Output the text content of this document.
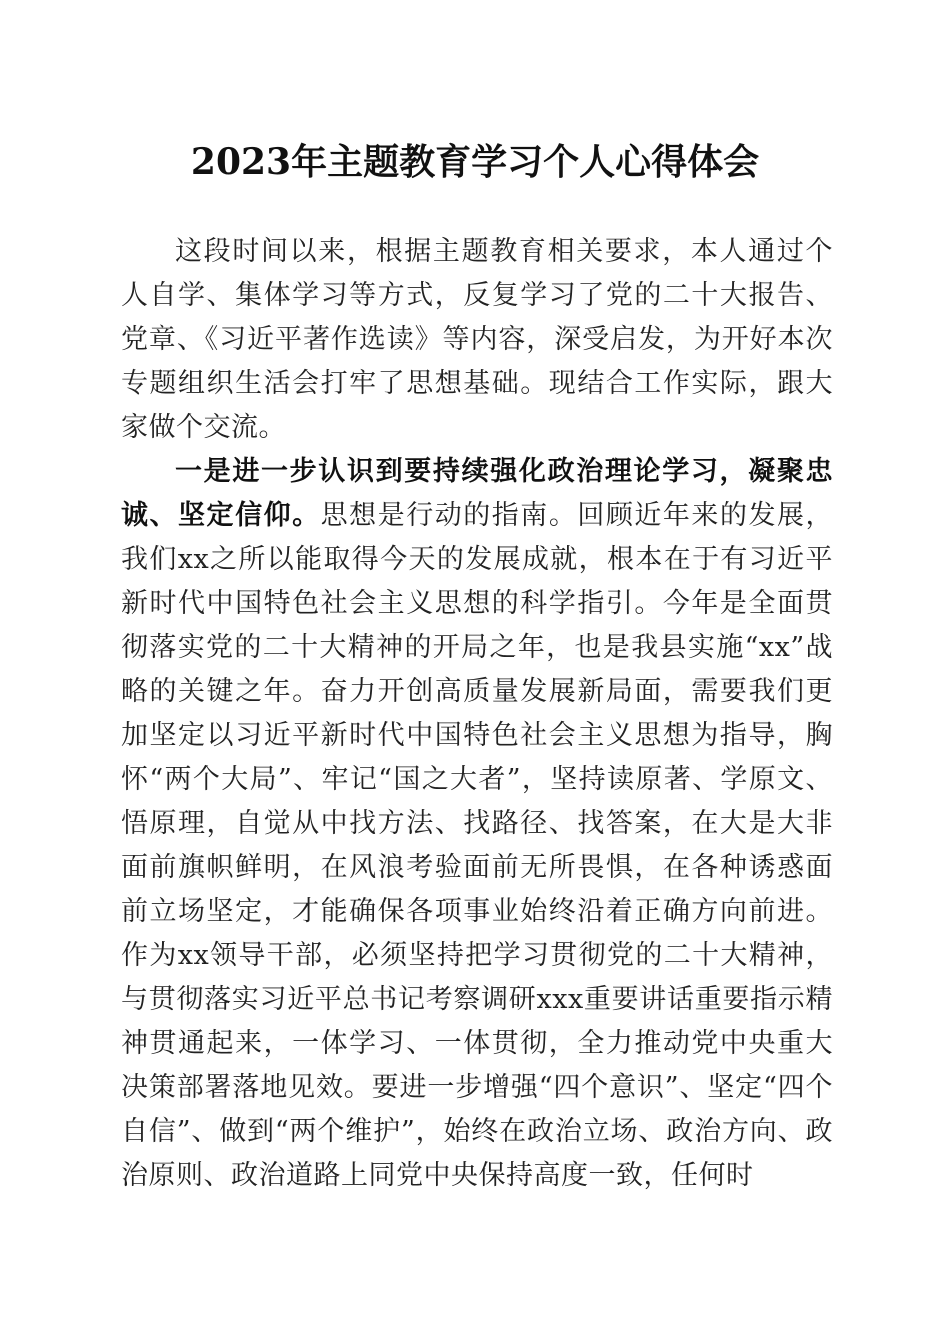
2023年主题教育学习个人心得体会

这段时间以来，根据主题教育相关要求，本人通过个人自学、集体学习等方式，反复学习了党的二十大报告、党章、《习近平著作选读》等内容，深受启发，为开好本次专题组织生活会打牢了思想基础。现结合工作实际，跟大家做个交流。

一是进一步认识到要持续强化政治理论学习，凝聚忠诚、坚定信仰。思想是行动的指南。回顾近年来的发展，我们xx之所以能取得今天的发展成就，根本在于有习近平新时代中国特色社会主义思想的科学指引。今年是全面贯彻落实党的二十大精神的开局之年，也是我县实施“xx”战略的关键之年。奋力开创高质量发展新局面，需要我们更加坚定以习近平新时代中国特色社会主义思想为指导，胸怀“两个大局”、牢记“国之大者”，坚持读原著、学原文、悟原理，自觉从中找方法、找路径、找答案，在大是大非面前旗帜鲜明，在风浪考验面前无所畏惧，在各种诱惑面前立场坚定，才能确保各项事业始终沿着正确方向前进。作为xx领导干部，必须坚持把学习贯彻党的二十大精神，与贯彻落实习近平总书记考察调研xxx重要讲话重要指示精神贯通起来，一体学习、一体贯彻，全力推动党中央重大决策部署落地见效。要进一步增强“四个意识”、坚定“四个自信”、做到“两个维护”，始终在政治立场、政治方向、政治原则、政治道路上同党中央保持高度一致，任何时
